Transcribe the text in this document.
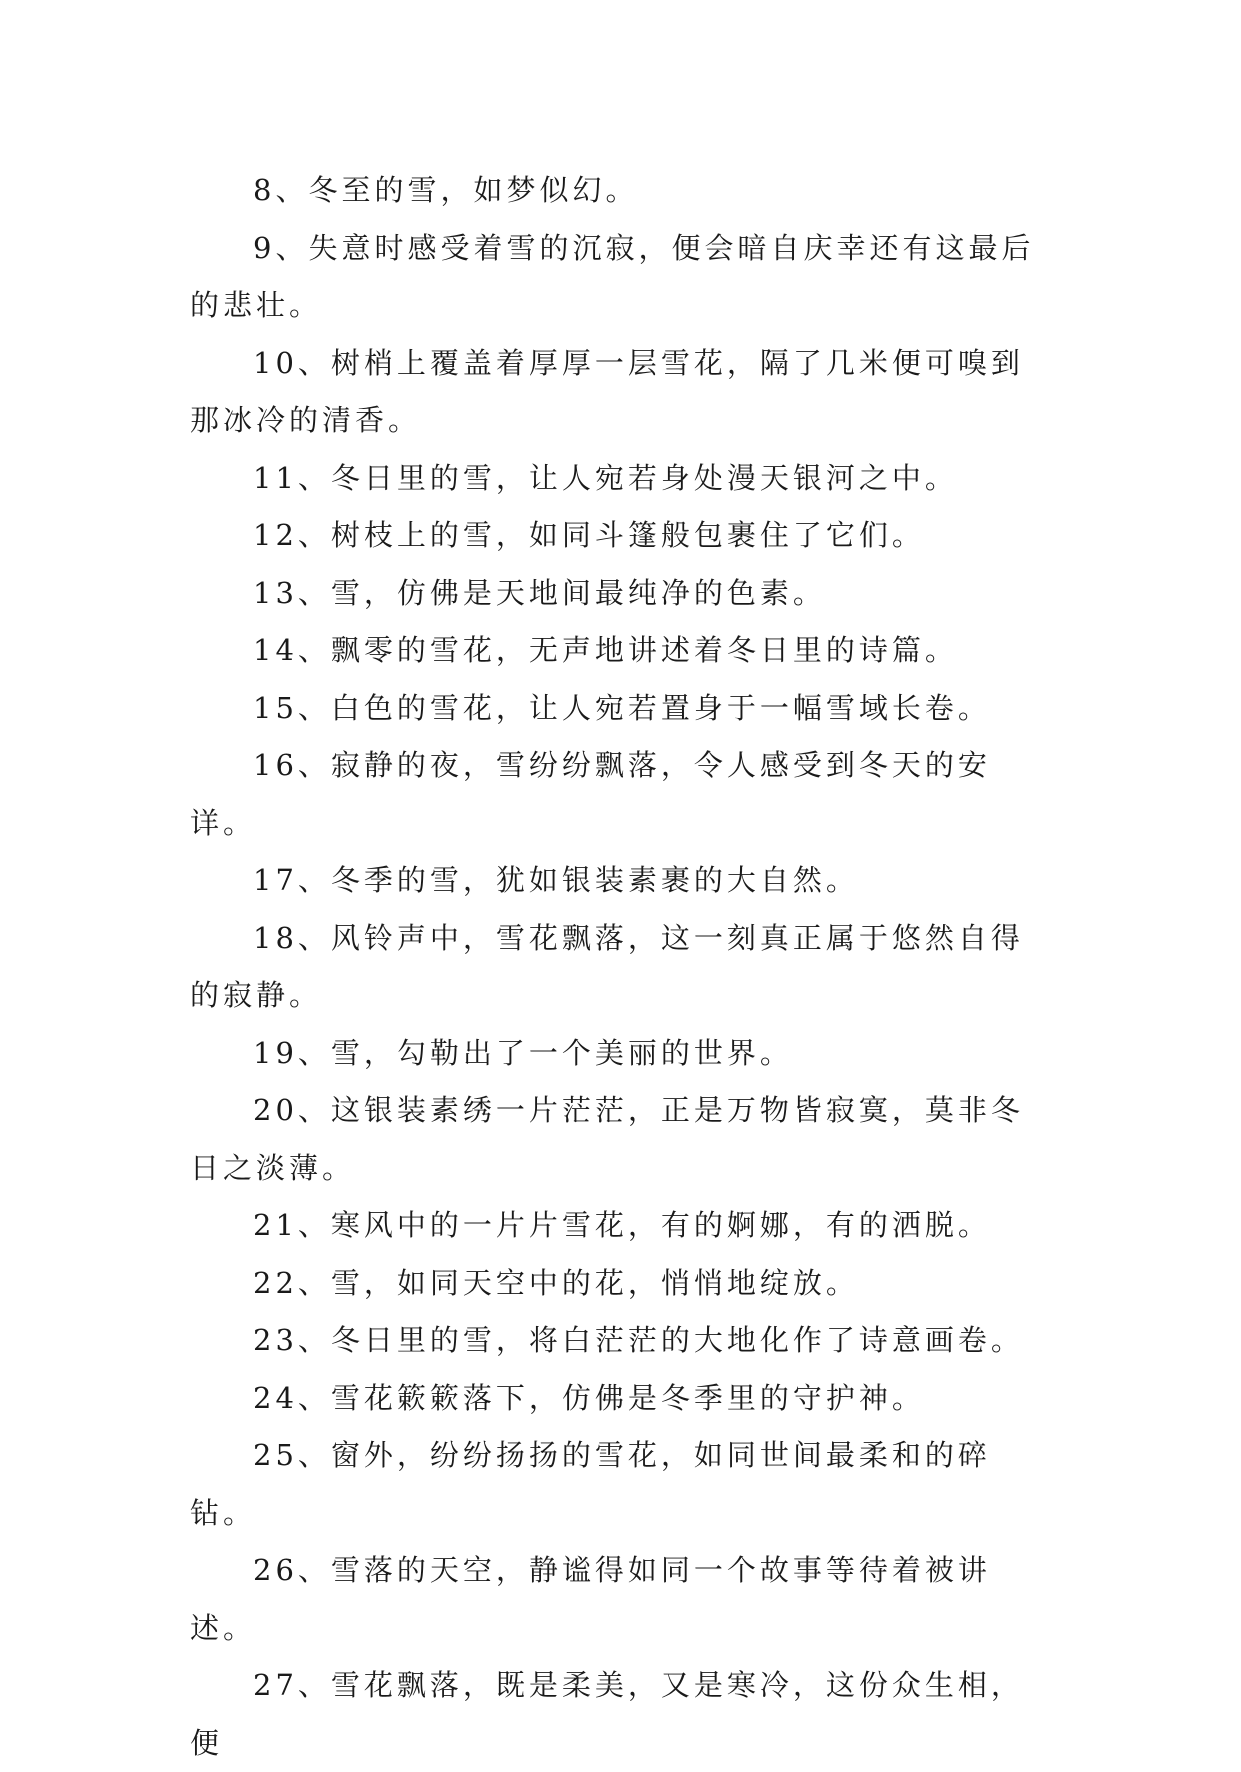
8、冬至的雪，如梦似幻。

9、失意时感受着雪的沉寂，便会暗自庆幸还有这最后的悲壮。

10、树梢上覆盖着厚厚一层雪花，隔了几米便可嗅到那冰冷的清香。

11、冬日里的雪，让人宛若身处漫天银河之中。

12、树枝上的雪，如同斗篷般包裹住了它们。

13、雪，仿佛是天地间最纯净的色素。

14、飘零的雪花，无声地讲述着冬日里的诗篇。

15、白色的雪花，让人宛若置身于一幅雪域长卷。

16、寂静的夜，雪纷纷飘落，令人感受到冬天的安详。

17、冬季的雪，犹如银装素裹的大自然。

18、风铃声中，雪花飘落，这一刻真正属于悠然自得的寂静。

19、雪，勾勒出了一个美丽的世界。

20、这银装素绣一片茫茫，正是万物皆寂寞，莫非冬日之淡薄。

21、寒风中的一片片雪花，有的婀娜，有的洒脱。

22、雪，如同天空中的花，悄悄地绽放。

23、冬日里的雪，将白茫茫的大地化作了诗意画卷。

24、雪花簌簌落下，仿佛是冬季里的守护神。

25、窗外，纷纷扬扬的雪花，如同世间最柔和的碎钻。

26、雪落的天空，静谧得如同一个故事等待着被讲述。

27、雪花飘落，既是柔美，又是寒冷，这份众生相，便
